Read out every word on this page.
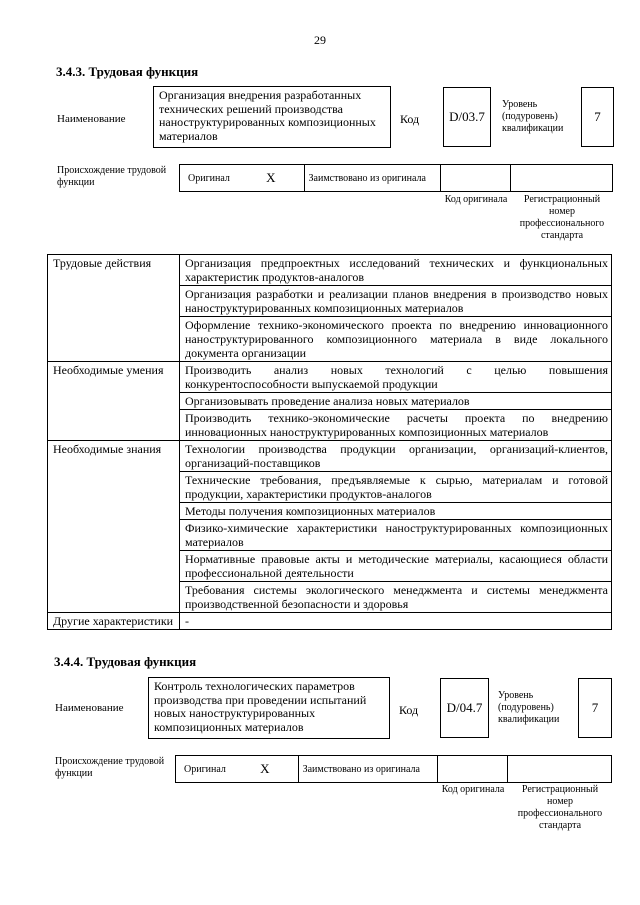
29
3.4.3. Трудовая функция
Наименование
Организация внедрения разработанных технических решений производства наноструктурированных композиционных материалов
Код	D/03.7
Уровень (подуровень) квалификации
7
Происхождение трудовой функции	Оригинал	X	Заимствовано из оригинала
Код оригинала	Регистрационный номер профессионального стандарта
Трудовые действия	Организация предпроектных исследований технических и функциональных характеристик продуктов-аналогов
	Организация разработки и реализации планов внедрения в производство новых наноструктурированных композиционных материалов
	Оформление технико-экономического проекта по внедрению инновационного наноструктурированного композиционного материала в виде локального документа организации
Необходимые умения	Производить анализ новых технологий с целью повышения конкурентоспособности выпускаемой продукции
	Организовывать проведение анализа новых материалов
	Производить технико-экономические расчеты проекта по внедрению инновационных наноструктурированных композиционных материалов
Необходимые знания	Технологии производства продукции организации, организаций-клиентов, организаций-поставщиков
	Технические требования, предъявляемые к сырью, материалам и готовой продукции, характеристики продуктов-аналогов
	Методы получения композиционных материалов
	Физико-химические характеристики наноструктурированных композиционных материалов
	Нормативные правовые акты и методические материалы, касающиеся области профессиональной деятельности
	Требования системы экологического менеджмента и системы менеджмента производственной безопасности и здоровья
Другие характеристики	-
3.4.4. Трудовая функция
Наименование
Контроль технологических параметров производства при проведении испытаний новых наноструктурированных композиционных материалов
Код	D/04.7
Уровень (подуровень) квалификации
7
Происхождение трудовой функции	Оригинал	X	Заимствовано из оригинала
Код оригинала	Регистрационный номер профессионального стандарта
